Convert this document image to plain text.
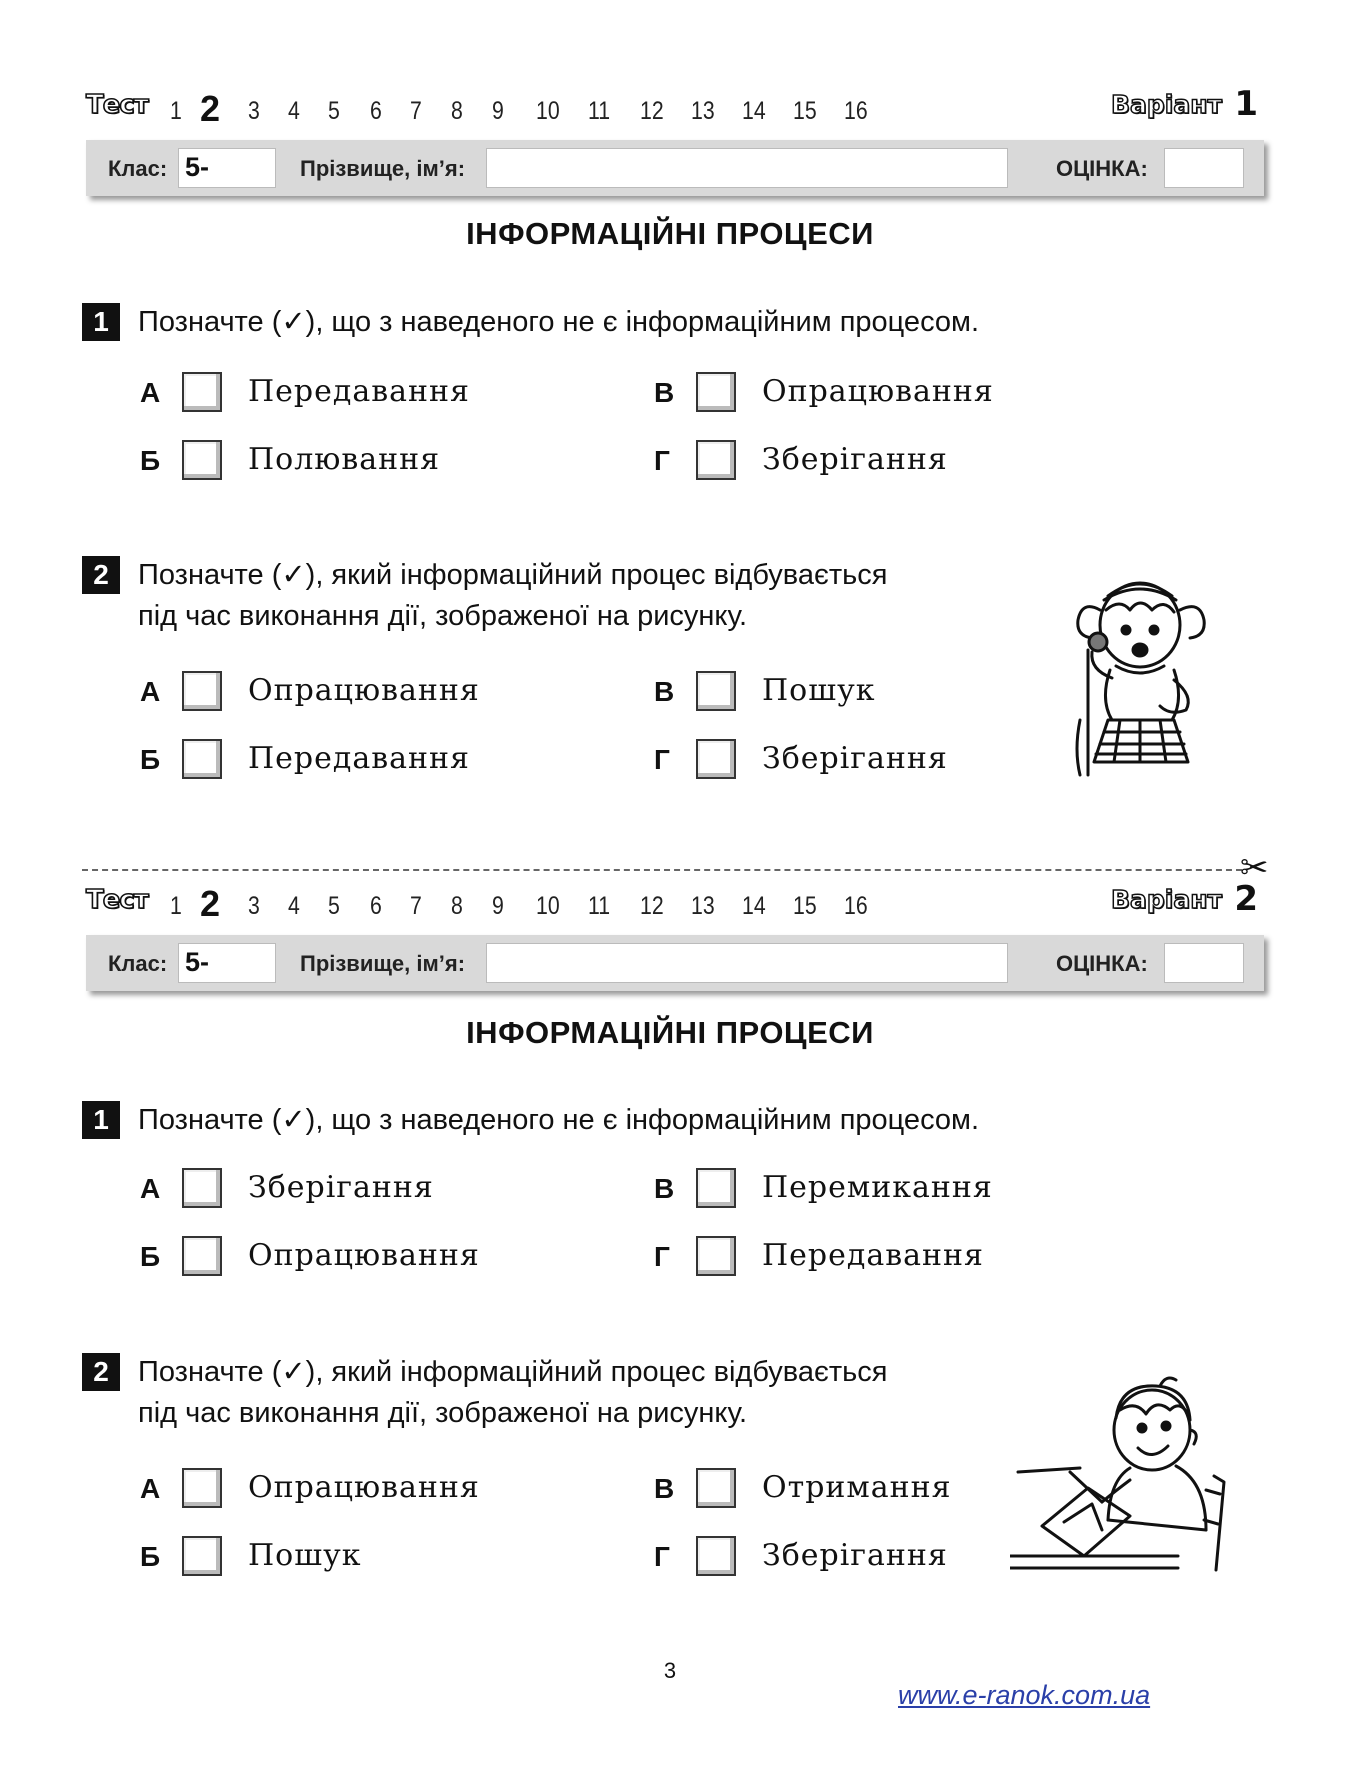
Тест 1 2 3 4 5 6 7 8 9 10 11 12 13 14 15 16	Варіант 1
Клас: 5-	Прізвище, ім’я:	ОЦІНКА:
ІНФОРМАЦІЙНІ ПРОЦЕСИ
1	Позначте (✓), що з наведеного не є інформаційним процесом.
А	Передавання
Б	Полювання
В	Опрацювання
Г	Зберігання
2	Позначте (✓), який інформаційний процес відбувається
під час виконання дії, зображеної на рисунку.
А	Опрацювання
Б	Передавання
В	Пошук
Г	Зберігання
✂
Тест 1 2 3 4 5 6 7 8 9 10 11 12 13 14 15 16	Варіант 2
Клас: 5-	Прізвище, ім’я:	ОЦІНКА:
ІНФОРМАЦІЙНІ ПРОЦЕСИ
1	Позначте (✓), що з наведеного не є інформаційним процесом.
А	Зберігання
Б	Опрацювання
В	Перемикання
Г	Передавання
2	Позначте (✓), який інформаційний процес відбувається
під час виконання дії, зображеної на рисунку.
А	Опрацювання
Б	Пошук
В	Отримання
Г	Зберігання
3
www.e-ranok.com.ua
